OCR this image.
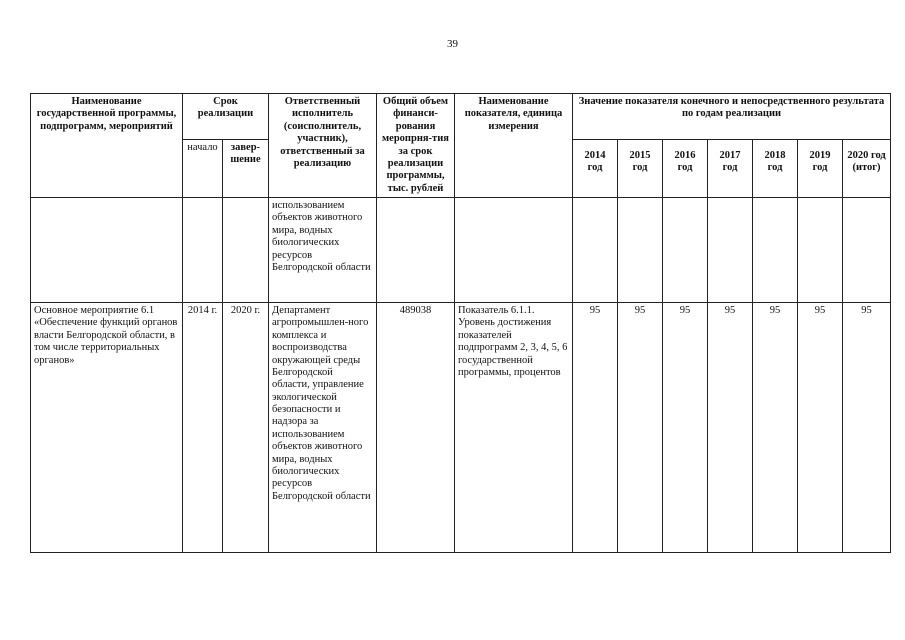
39
Наименование государственной программы, подпрограмм, мероприятий	Срок реализации		Ответственный исполнитель (соисполнитель, участник), ответственный за реализацию	Общий объем финанси-рования меропрня-тия за срок реализации программы, тыс. рублей	Наименование показателя, единица измерения	Значение показателя конечного и непосредственного результата по годам реализации						
	начало	завер-шение				2014 год	2015 год	2016 год	2017 год	2018 год	2019 год	2020 год (итог)
			использованием объектов животного мира, водных биологических ресурсов Белгородской области									
Основное мероприятие 6.1 «Обеспечение функций органов власти Белгородской области, в том числе территориальных органов»	2014 г.	2020 г.	Департамент агропромышлен-ного комплекса и воспроизводства окружающей среды Белгородской области, управление экологической безопасности и надзора за использованием объектов животного мира, водных биологических ресурсов Белгородской области	489038	Показатель 6.1.1. Уровень достижения показателей подпрограмм 2, 3, 4, 5, 6 государственной программы, процентов	95	95	95	95	95	95	95
